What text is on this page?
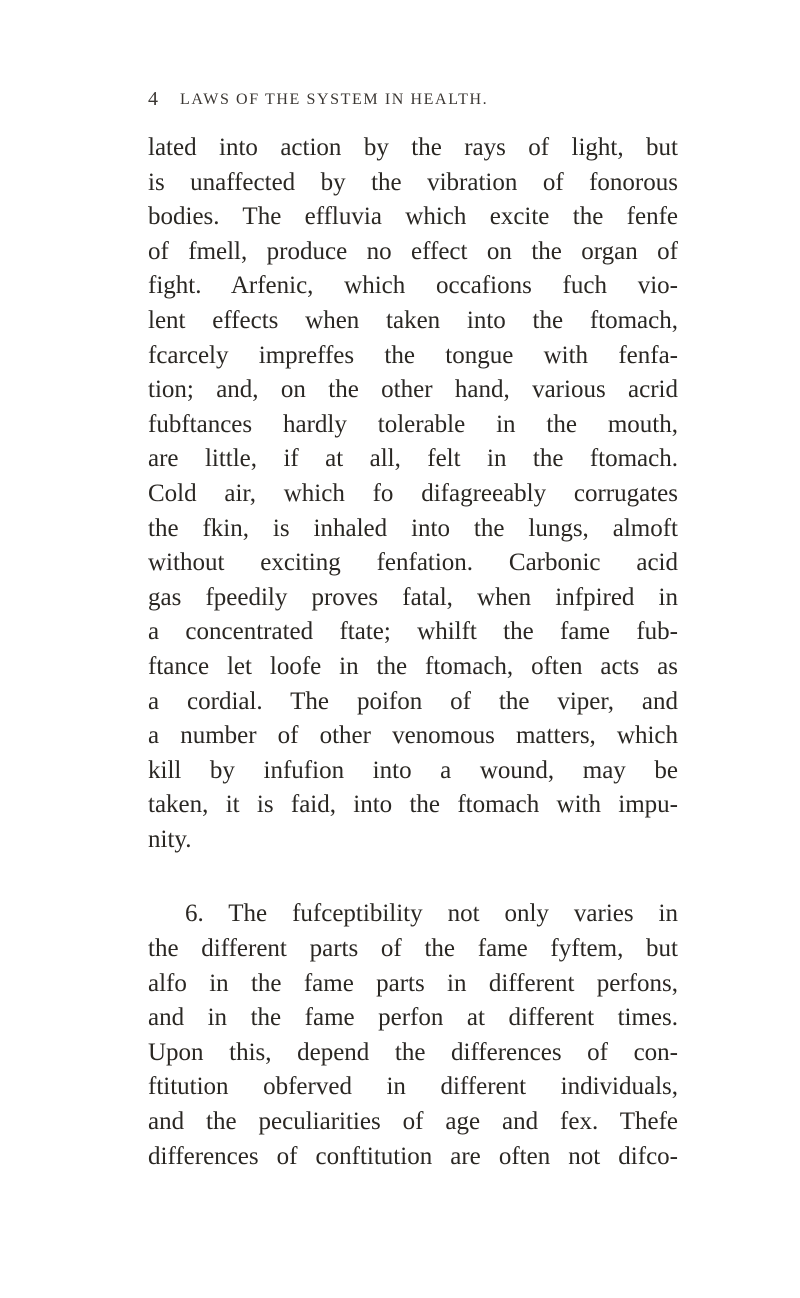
4 LAWS OF THE SYSTEM IN HEALTH.
lated into action by the rays of light, but
is unaffected by the vibration of fonorous
bodies. The effluvia which excite the fenfe
of fmell, produce no effect on the organ of
fight. Arfenic, which occafions fuch vio-
lent effects when taken into the ftomach,
fcarcely impreffes the tongue with fenfa-
tion; and, on the other hand, various acrid
fubftances hardly tolerable in the mouth,
are little, if at all, felt in the ftomach.
Cold air, which fo difagreeably corrugates
the fkin, is inhaled into the lungs, almoft
without exciting fenfation. Carbonic acid
gas fpeedily proves fatal, when infpired in
a concentrated ftate; whilft the fame fub-
ftance let loofe in the ftomach, often acts as
a cordial. The poifon of the viper, and
a number of other venomous matters, which
kill by infufion into a wound, may be
taken, it is faid, into the ftomach with impu-
nity.
6. The fufceptibility not only varies in
the different parts of the fame fyftem, but
alfo in the fame parts in different perfons,
and in the fame perfon at different times.
Upon this, depend the differences of con-
ftitution obferved in different individuals,
and the peculiarities of age and fex. Thefe
differences of conftitution are often not difco-
